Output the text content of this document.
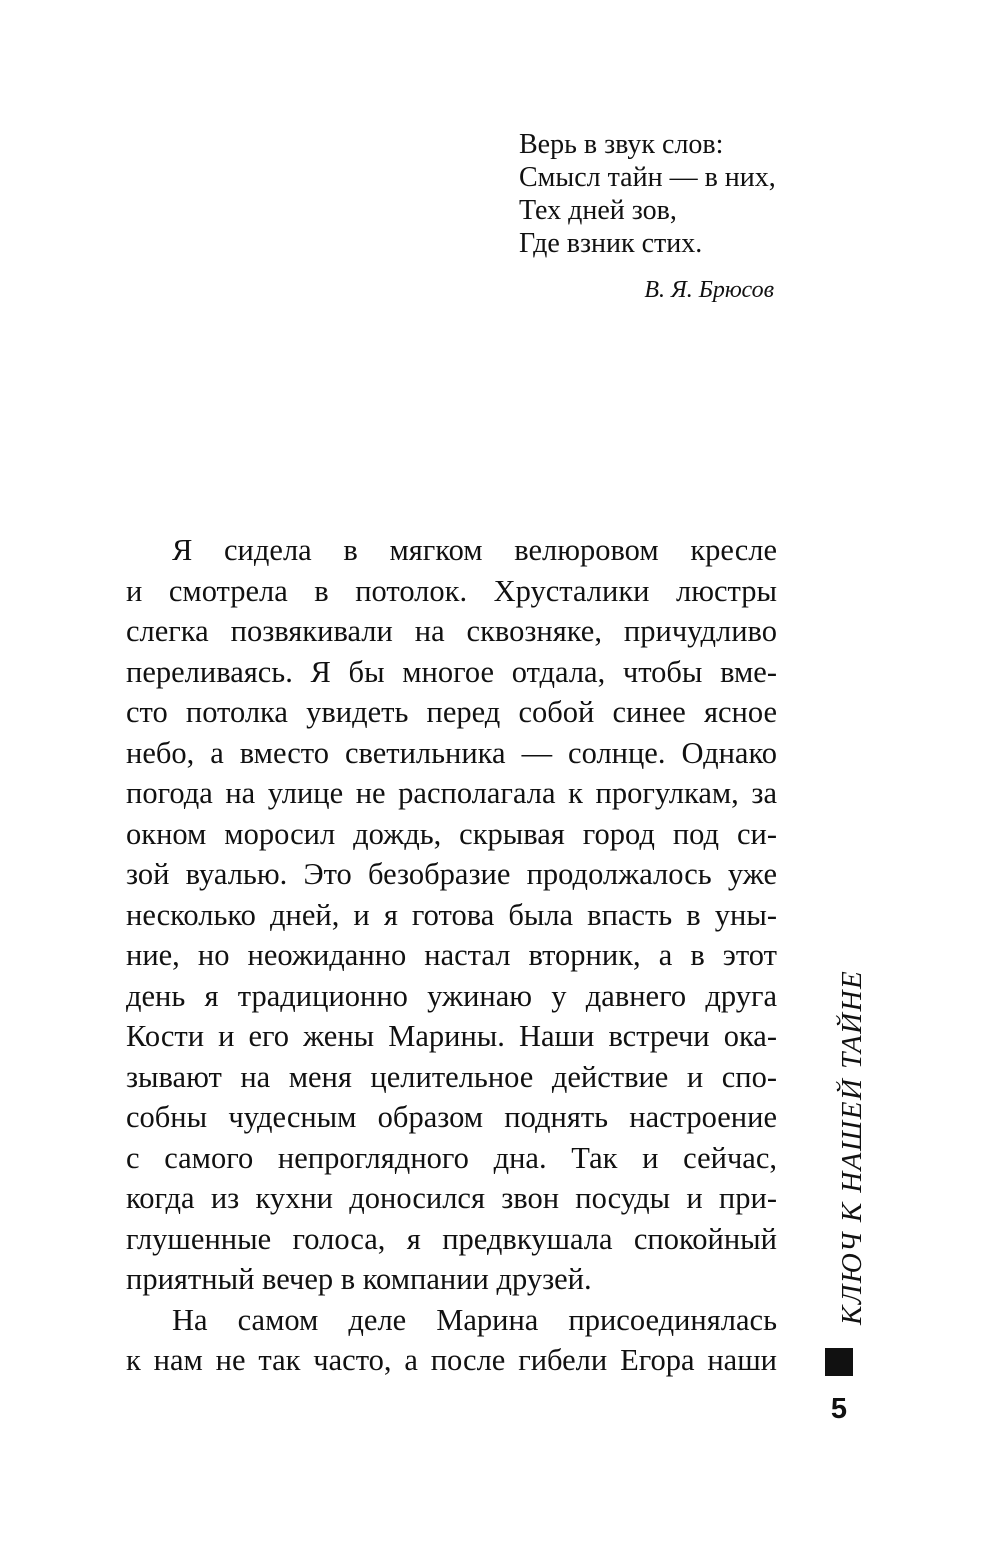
Верь в звук слов:
Смысл тайн — в них,
Тех дней зов,
Где взник стих.
В. Я. Брюсов
Я сидела в мягком велюровом кресле
и смотрела в потолок. Хрусталики люстры
слегка позвякивали на сквозняке, причудливо
переливаясь. Я бы многое отдала, чтобы вме-
сто потолка увидеть перед собой синее ясное
небо, а вместо светильника — солнце. Однако
погода на улице не располагала к прогулкам, за
окном моросил дождь, скрывая город под си-
зой вуалью. Это безобразие продолжалось уже
несколько дней, и я готова была впасть в уны-
ние, но неожиданно настал вторник, а в этот
день я традиционно ужинаю у давнего друга
Кости и его жены Марины. Наши встречи ока-
зывают на меня целительное действие и спо-
собны чудесным образом поднять настроение
с самого непроглядного дна. Так и сейчас,
когда из кухни доносился звон посуды и при-
глушенные голоса, я предвкушала спокойный
приятный вечер в компании друзей.
На самом деле Марина присоединялась
к нам не так часто, а после гибели Егора наши
КЛЮЧ К НАШЕЙ ТАЙНЕ
5
